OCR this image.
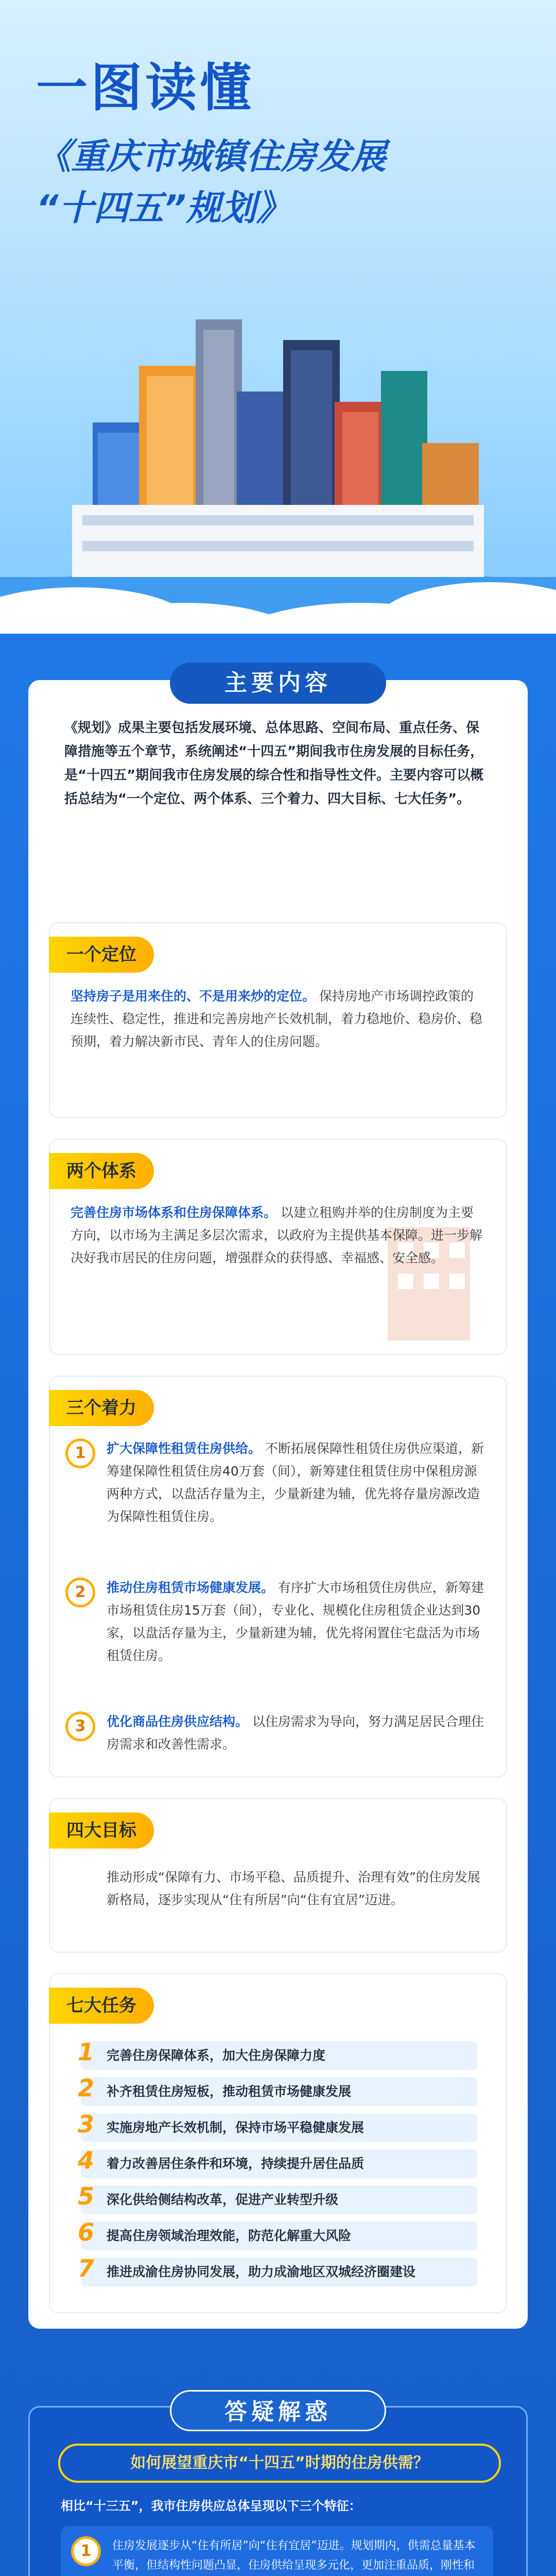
一图读懂
《重庆市城镇住房发展
“十四五”规划》
主要内容
《规划》成果主要包括发展环境、总体思路、空间布局、重点任务、保障措施等五个章节，系统阐述“十四五”期间我市住房发展的目标任务，是“十四五”期间我市住房发展的综合性和指导性文件。主要内容可以概括总结为“一个定位、两个体系、三个着力、四大目标、七大任务”。
一个定位
坚持房子是用来住的、不是用来炒的定位。 保持房地产市场调控政策的连续性、稳定性，推进和完善房地产长效机制，着力稳地价、稳房价、稳预期，着力解决新市民、青年人的住房问题。
两个体系
完善住房市场体系和住房保障体系。 以建立租购并举的住房制度为主要方向，以市场为主满足多层次需求，以政府为主提供基本保障。进一步解决好我市居民的住房问题，增强群众的获得感、幸福感、安全感。
三个着力
1	扩大保障性租赁住房供给。 不断拓展保障性租赁住房供应渠道，新筹建保障性租赁住房40万套（间），新筹建住租赁住房中保租房源两种方式，以盘活存量为主，少量新建为辅，优先将存量房源改造为保障性租赁住房。
2	推动住房租赁市场健康发展。 有序扩大市场租赁住房供应，新筹建市场租赁住房15万套（间），专业化、规模化住房租赁企业达到30家，以盘活存量为主，少量新建为辅，优先将闲置住宅盘活为市场租赁住房。
3	优化商品住房供应结构。 以住房需求为导向，努力满足居民合理住房需求和改善性需求。
四大目标
推动形成“保障有力、市场平稳、品质提升、治理有效”的住房发展新格局，逐步实现从“住有所居”向“住有宜居”迈进。
七大任务
1 完善住房保障体系，加大住房保障力度
2 补齐租赁住房短板，推动租赁市场健康发展
3 实施房地产长效机制，保持市场平稳健康发展
4 着力改善居住条件和环境，持续提升居住品质
5 深化供给侧结构改革，促进产业转型升级
6 提高住房领域治理效能，防范化解重大风险
7 推进成渝住房协同发展，助力成渝地区双城经济圈建设
答疑解惑
如何展望重庆市“十四五”时期的住房供需？
相比“十三五”，我市住房供应总体呈现以下三个特征：
1	住房发展逐步从“住有所居”向“住有宜居”迈进。规划期内，供需总量基本平衡，但结构性问题凸显，住房供给呈现多元化，更加注重品质，刚性和
